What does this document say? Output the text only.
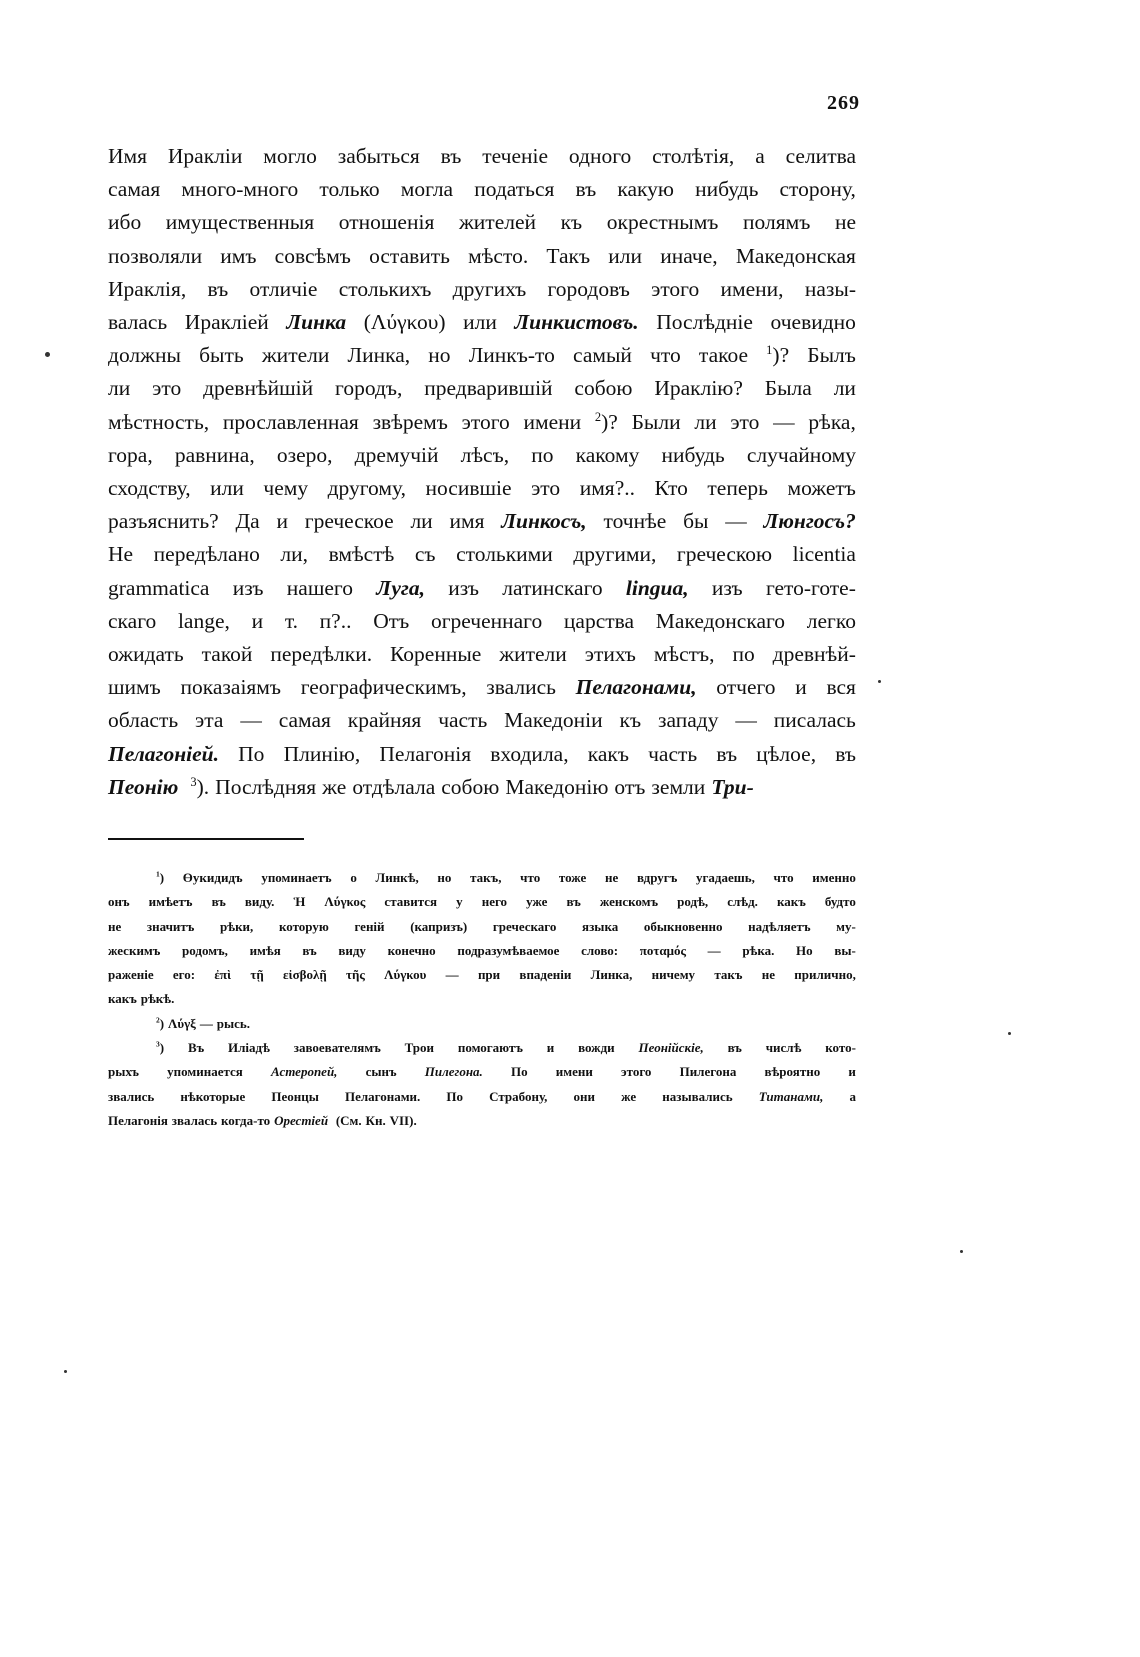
269
Имя Иракліи могло забыться въ теченіе одного столѣтія, а селитва
самая много-много только могла податься въ какую нибудь сторону,
ибо имущественныя отношенія жителей къ окрестнымъ полямъ не
позволяли имъ совсѣмъ оставить мѣсто. Такъ или иначе, Македонская
Ираклія, въ отличіе столькихъ другихъ городовъ этого имени, назы-
валась Ираклiей Линка (Λύγκου) или Линкистовъ. Послѣдніе очевидно
должны быть жители Линка, но Линкъ-то самый что такое $^1$)? Былъ
ли это древнѣйшій городъ, предварившій собою Ираклію? Была ли
мѣстность, прославленная звѣремъ этого имени $^2$)? Были ли это — рѣка,
гора, равнина, озеро, дремучій лѣсъ, по какому нибудь случайному
сходству, или чему другому, носившіе это имя?.. Кто теперь можетъ
разъяснить? Да и греческое ли имя Линкосъ, точнѣе бы — Люнгосъ?
Не передѣлано ли, вмѣстѣ съ столькими другими, греческою licentia
grammatica изъ нашего Луга, изъ латинскаго lingua, изъ гето-готе-
скаго lange, и т. п?.. Отъ огреченнаго царства Македонскаго легко
ожидать такой передѣлки. Коренные жители этихъ мѣстъ, по древнѣй-
шимъ показаіямъ географическимъ, звались Пелагонами, отчего и вся
область эта — самая крайняя часть Македоніи къ западу — писалась
Пелагоніей. По Плинію, Пелагонія входила, какъ часть въ цѣлое, въ
Пеонію $^3$). Послѣдняя же отдѣлала собою Македонію отъ земли Три-
$^1$) Өукидидъ упоминаетъ о Линкѣ, но такъ, что тоже не вдругъ угадаешь, что именно
онъ имѣетъ въ виду. Ἡ Λύγκος ставится у него уже въ женскомъ родѣ, слѣд. какъ будто
не значитъ рѣки, которую геній (капризъ) греческаго языка обыкновенно надѣляетъ му-
жескимъ родомъ, имѣя въ виду конечно подразумѣваемое слово: ποταμός — рѣка. Но вы-
раженіе его: ἐπὶ τῇ εἰσβολῇ τῆς Λύγκου — при впаденіи Линка, ничему такъ не прилично,
какъ рѣкѣ.
$^2$) Λύγξ — рысь.
$^3$) Въ Иліадѣ завоевателямъ Трои помогаютъ и вожди Пеонійскіе, въ числѣ кото-
рыхъ упоминается Астеропей, сынъ Пилегона. По имени этого Пилегона вѣроятно и
звались нѣкоторые Пеонцы Пелагонами. По Страбону, они же назывались Титанами, а
Пелагонія звалась когда-то Орестіей (См. Кн. VII).
